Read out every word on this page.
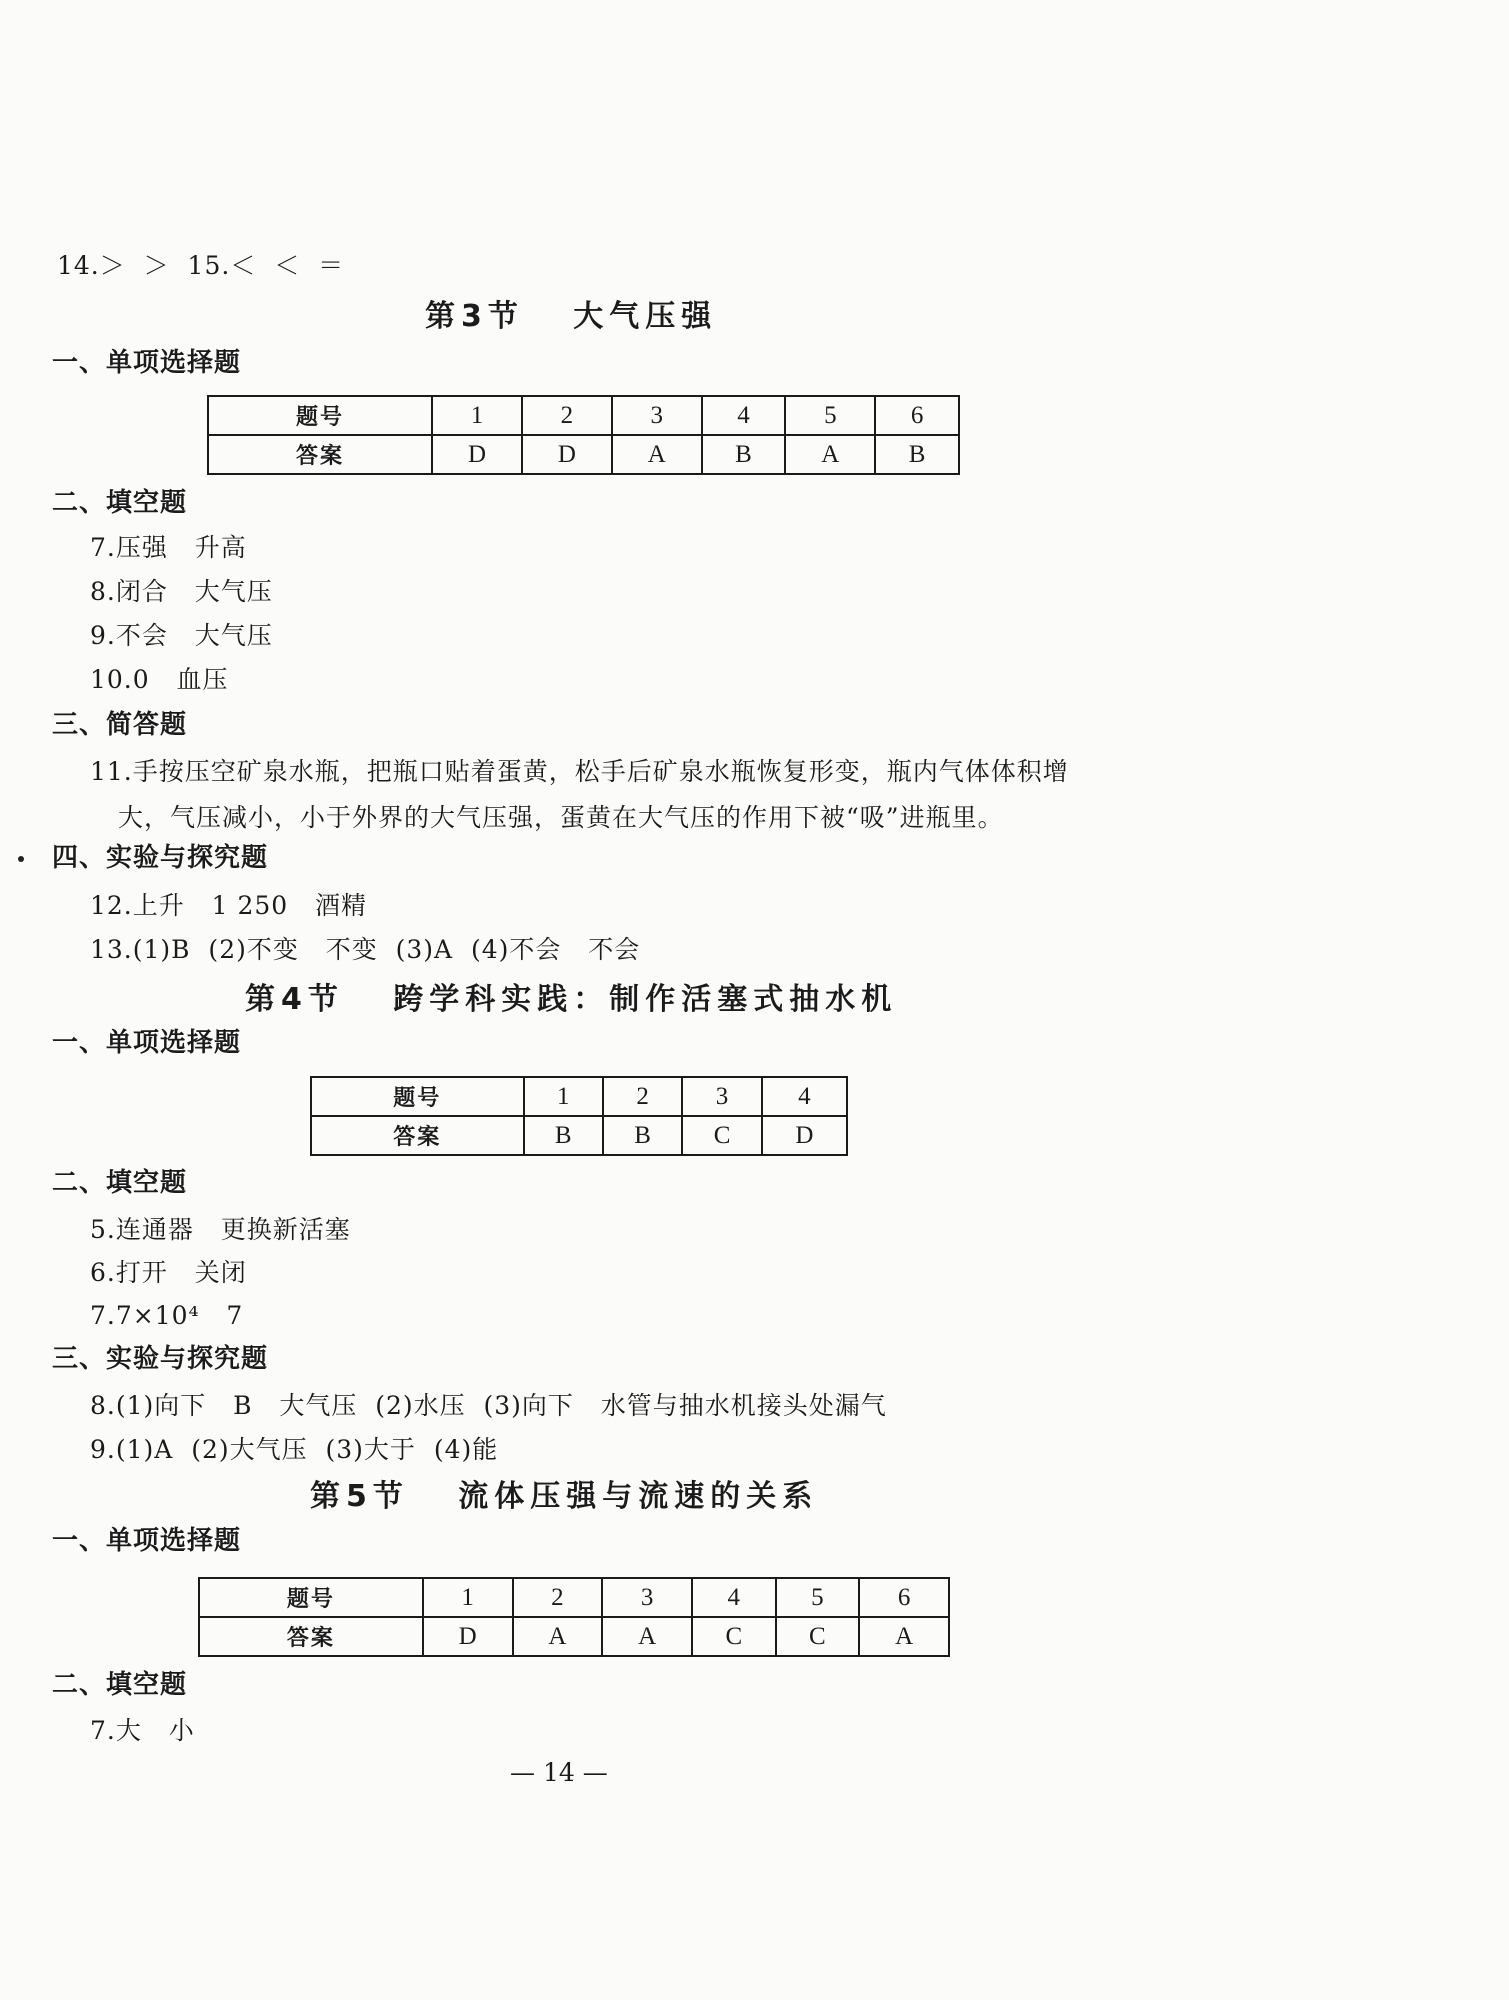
14.＞  ＞  15.＜  ＜  ＝
第3节   大气压强
一、单项选择题
题号	1	2	3	4	5	6
答案	D	D	A	B	A	B
二、填空题
7.压强   升高
8.闭合   大气压
9.不会   大气压
10.0   血压
三、简答题
11.手按压空矿泉水瓶，把瓶口贴着蛋黄，松手后矿泉水瓶恢复形变，瓶内气体体积增
大，气压减小，小于外界的大气压强，蛋黄在大气压的作用下被“吸”进瓶里。
四、实验与探究题
12.上升   1 250   酒精
13.(1)B  (2)不变   不变  (3)A  (4)不会   不会
第4节   跨学科实践：制作活塞式抽水机
一、单项选择题
题号	1	2	3	4
答案	B	B	C	D
二、填空题
5.连通器   更换新活塞
6.打开   关闭
7.7×10⁴   7
三、实验与探究题
8.(1)向下   B   大气压  (2)水压  (3)向下   水管与抽水机接头处漏气
9.(1)A  (2)大气压  (3)大于  (4)能
第5节   流体压强与流速的关系
一、单项选择题
题号	1	2	3	4	5	6
答案	D	A	A	C	C	A
二、填空题
7.大   小
— 14 —
